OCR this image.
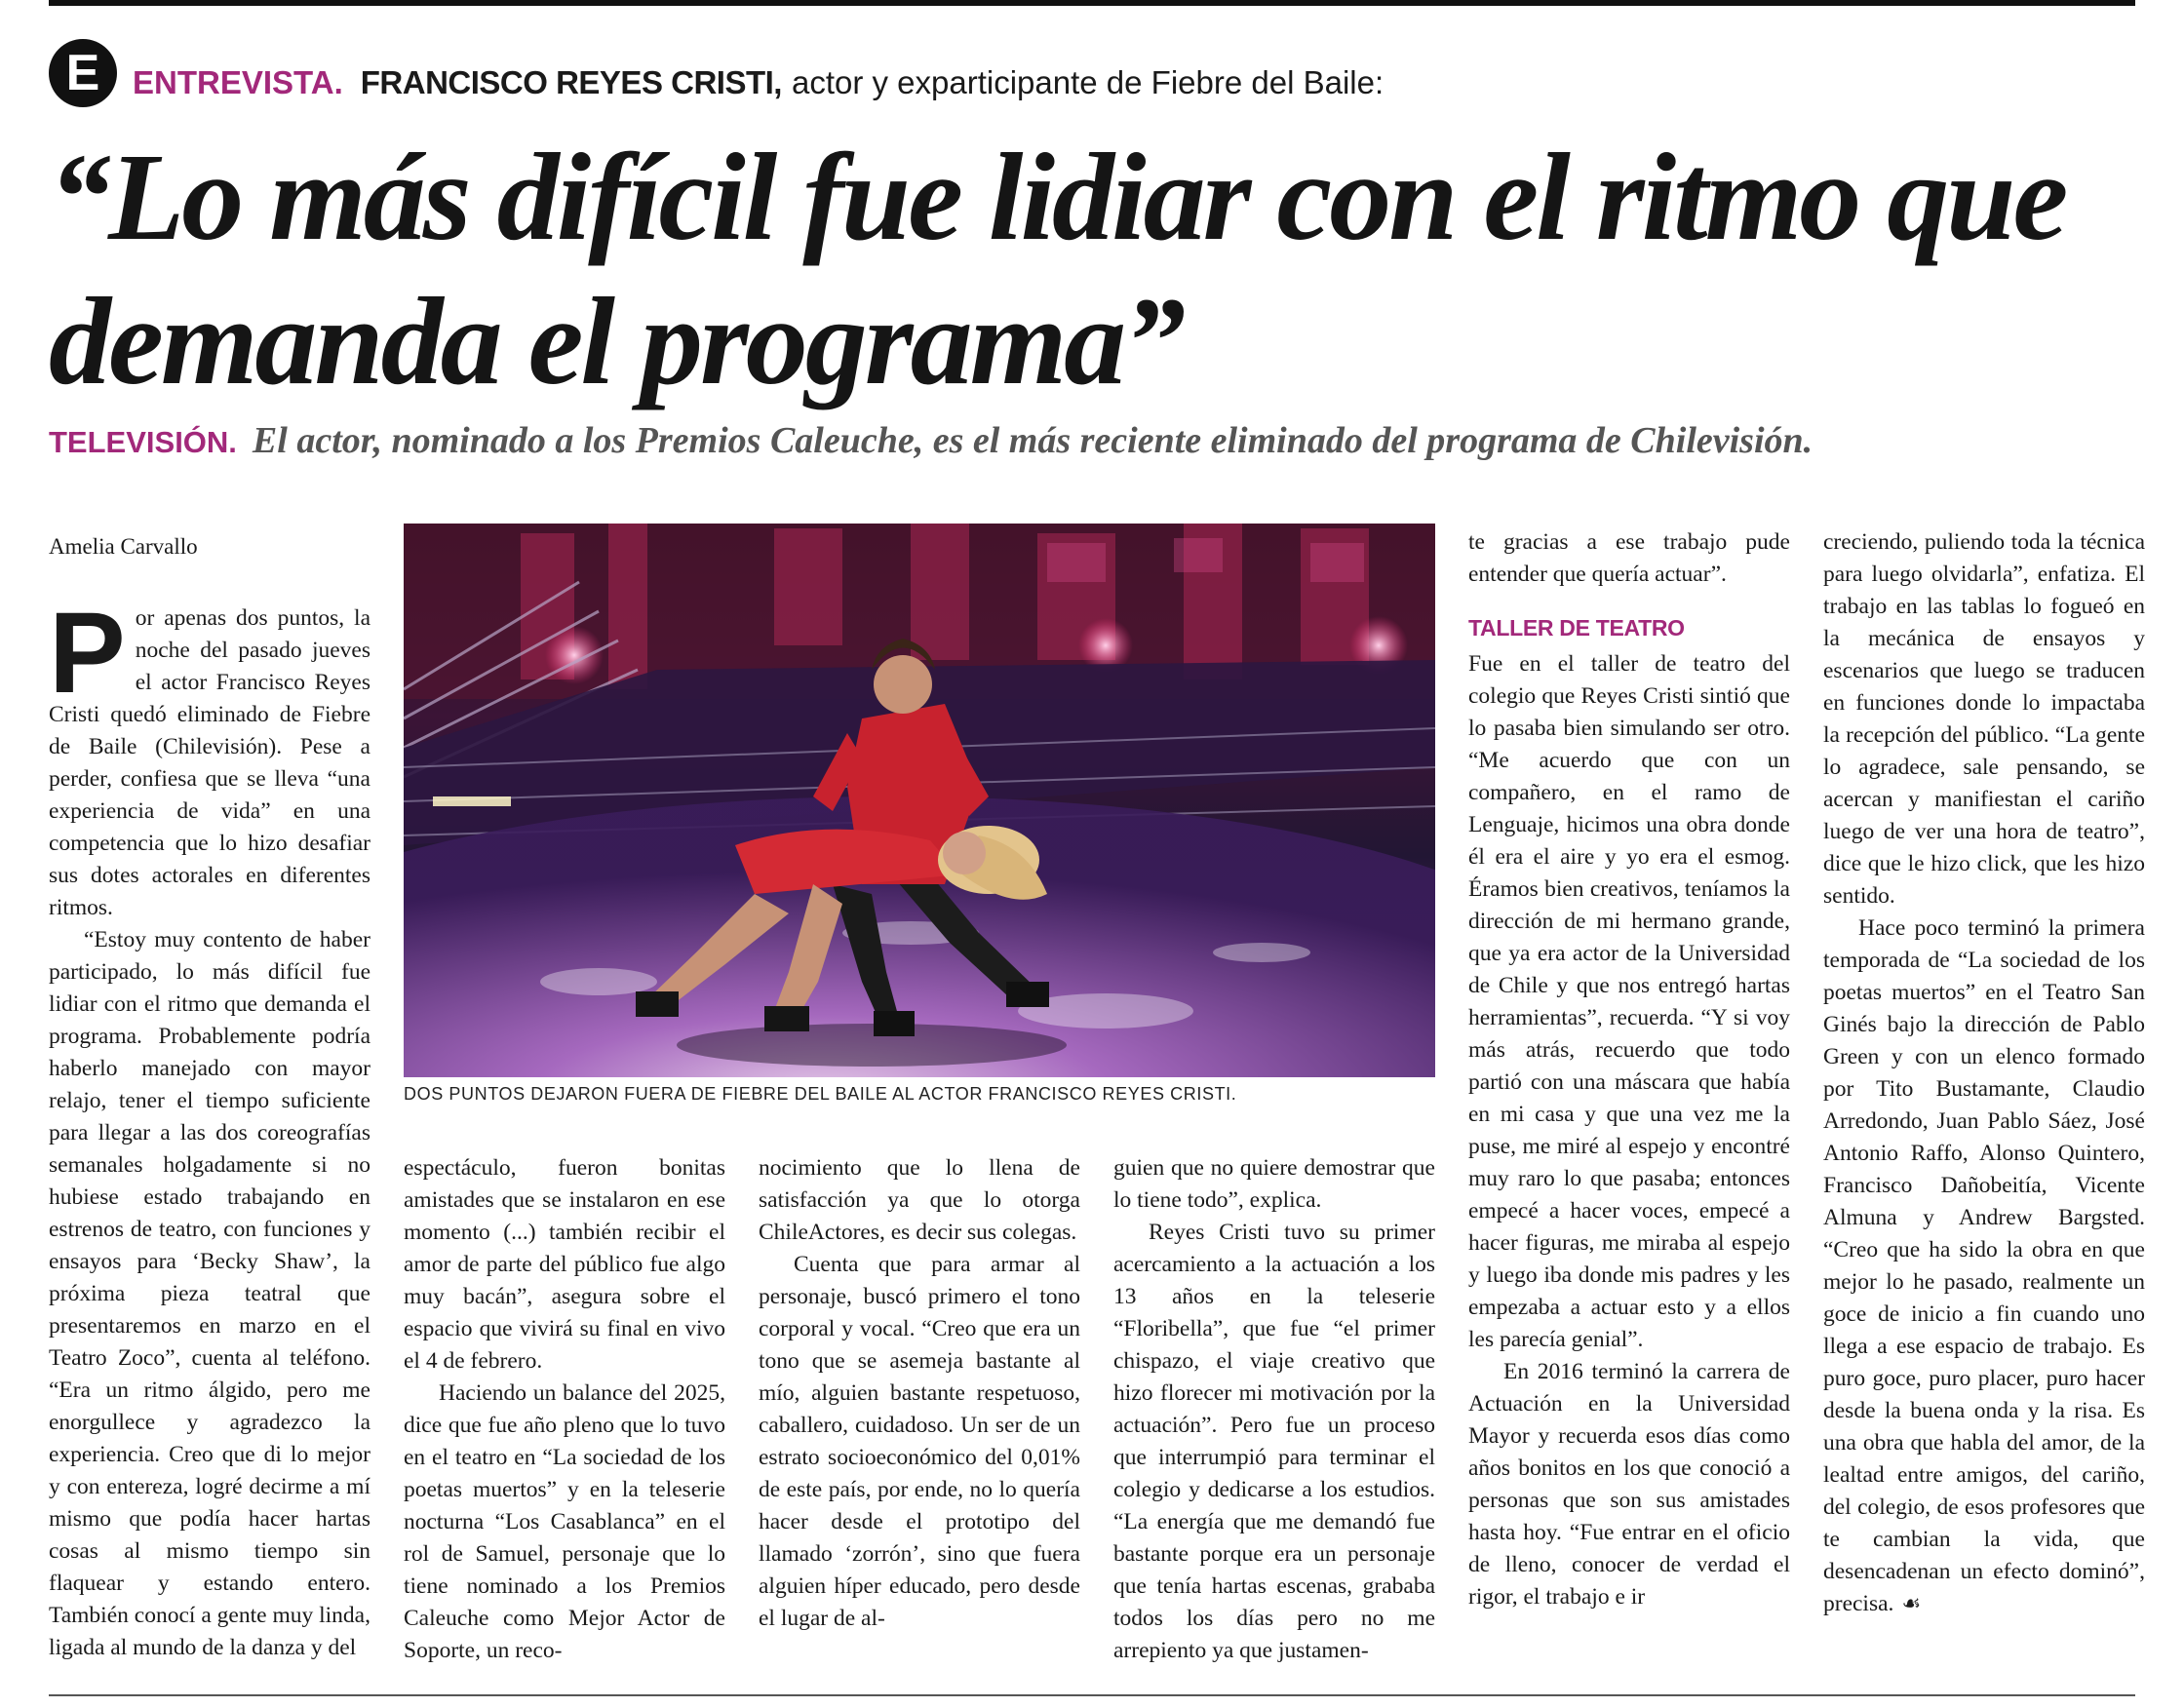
E	ENTREVISTA. FRANCISCO REYES CRISTI, actor y exparticipante de Fiebre del Baile:
“Lo más difícil fue lidiar con el ritmo que demanda el programa”
TELEVISIÓN. El actor, nominado a los Premios Caleuche, es el más reciente eliminado del programa de Chilevisión.

Amelia Carvallo

Por apenas dos puntos, la noche del pasado jueves el actor Francisco Reyes Cristi quedó eliminado de Fiebre de Baile (Chilevisión). Pese a perder, confiesa que se lleva “una experiencia de vida” en una competencia que lo hizo desafiar sus dotes actorales en diferentes ritmos.

“Estoy muy contento de haber participado, lo más difícil fue lidiar con el ritmo que demanda el programa. Probablemente podría haberlo manejado con mayor relajo, tener el tiempo suficiente para llegar a las dos coreografías semanales holgadamente si no hubiese estado trabajando en estrenos de teatro, con funciones y ensayos para ‘Becky Shaw’, la próxima pieza teatral que presentaremos en marzo en el Teatro Zoco”, cuenta al teléfono. “Era un ritmo álgido, pero me enorgullece y agradezco la experiencia. Creo que di lo mejor y con entereza, logré decirme a mí mismo que podía hacer hartas cosas al mismo tiempo sin flaquear y estando entero. También conocí a gente muy linda, ligada al mundo de la danza y del

DOS PUNTOS DEJARON FUERA DE FIEBRE DEL BAILE AL ACTOR FRANCISCO REYES CRISTI.

espectáculo, fueron bonitas amistades que se instalaron en ese momento (...) también recibir el amor de parte del público fue algo muy bacán”, asegura sobre el espacio que vivirá su final en vivo el 4 de febrero.

Haciendo un balance del 2025, dice que fue año pleno que lo tuvo en el teatro en “La sociedad de los poetas muertos” y en la teleserie nocturna “Los Casablanca” en el rol de Samuel, personaje que lo tiene nominado a los Premios Caleuche como Mejor Actor de Soporte, un reco-

nocimiento que lo llena de satisfacción ya que lo otorga ChileActores, es decir sus colegas.

Cuenta que para armar al personaje, buscó primero el tono corporal y vocal. “Creo que era un tono que se asemeja bastante al mío, alguien bastante respetuoso, caballero, cuidadoso. Un ser de un estrato socioeconómico del 0,01% de este país, por ende, no lo quería hacer desde el prototipo del llamado ‘zorrón’, sino que fuera alguien híper educado, pero desde el lugar de al-

guien que no quiere demostrar que lo tiene todo”, explica.

Reyes Cristi tuvo su primer acercamiento a la actuación a los 13 años en la teleserie “Floribella”, que fue “el primer chispazo, el viaje creativo que hizo florecer mi motivación por la actuación”. Pero fue un proceso que interrumpió para terminar el colegio y dedicarse a los estudios. “La energía que me demandó fue bastante porque era un personaje que tenía hartas escenas, grababa todos los días pero no me arrepiento ya que justamen-

te gracias a ese trabajo pude entender que quería actuar”.

TALLER DE TEATRO

Fue en el taller de teatro del colegio que Reyes Cristi sintió que lo pasaba bien simulando ser otro. “Me acuerdo que con un compañero, en el ramo de Lenguaje, hicimos una obra donde él era el aire y yo era el esmog. Éramos bien creativos, teníamos la dirección de mi hermano grande, que ya era actor de la Universidad de Chile y que nos entregó hartas herramientas”, recuerda. “Y si voy más atrás, recuerdo que todo partió con una máscara que había en mi casa y que una vez me la puse, me miré al espejo y encontré muy raro lo que pasaba; entonces empecé a hacer voces, empecé a hacer figuras, me miraba al espejo y luego iba donde mis padres y les empezaba a actuar esto y a ellos les parecía genial”.

En 2016 terminó la carrera de Actuación en la Universidad Mayor y recuerda esos días como años bonitos en los que conoció a personas que son sus amistades hasta hoy. “Fue entrar en el oficio de lleno, conocer de verdad el rigor, el trabajo e ir

creciendo, puliendo toda la técnica para luego olvidarla”, enfatiza. El trabajo en las tablas lo fogueó en la mecánica de ensayos y escenarios que luego se traducen en funciones donde lo impactaba la recepción del público. “La gente lo agradece, sale pensando, se acercan y manifiestan el cariño luego de ver una hora de teatro”, dice que le hizo click, que les hizo sentido.

Hace poco terminó la primera temporada de “La sociedad de los poetas muertos” en el Teatro San Ginés bajo la dirección de Pablo Green y con un elenco formado por Tito Bustamante, Claudio Arredondo, Juan Pablo Sáez, José Antonio Raffo, Alonso Quintero, Francisco Dañobeitía, Vicente Almuna y Andrew Bargsted. “Creo que ha sido la obra en que mejor lo he pasado, realmente un goce de inicio a fin cuando uno llega a ese espacio de trabajo. Es puro goce, puro placer, puro hacer desde la buena onda y la risa. Es una obra que habla del amor, de la lealtad entre amigos, del cariño, del colegio, de esos profesores que te cambian la vida, que desencadenan un efecto dominó”, precisa. ☙
